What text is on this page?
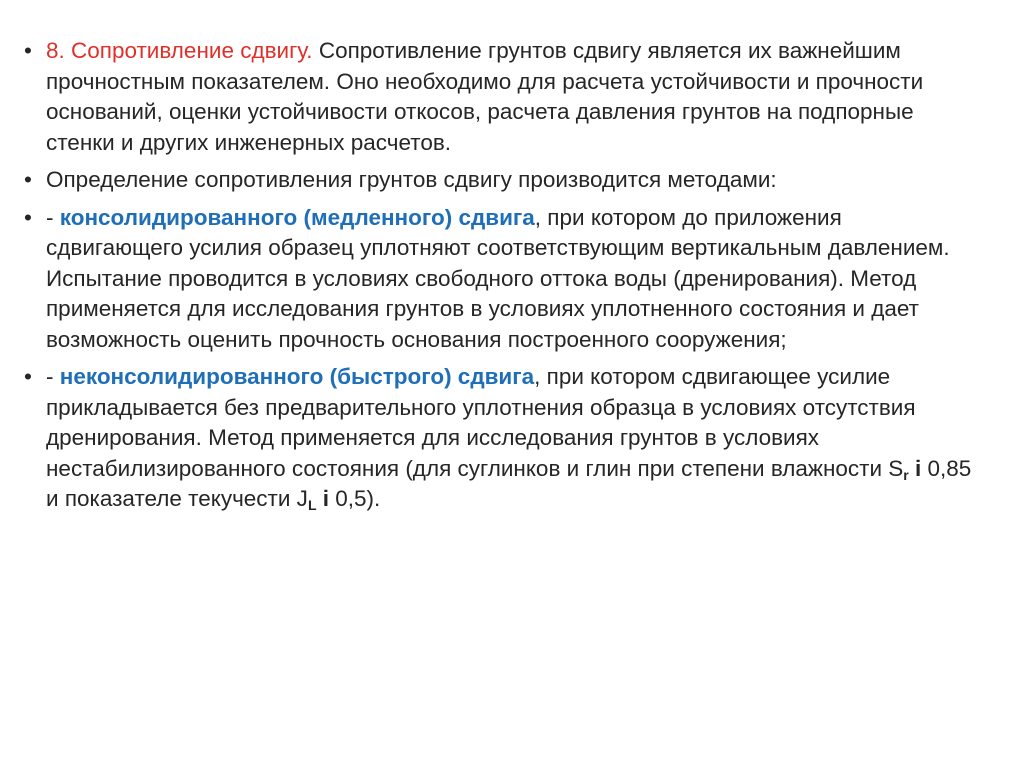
• 8. Сопротивление сдвигу. Сопротивление грунтов сдвигу является их важнейшим прочностным показателем. Оно необходимо для расчета устойчивости и прочности оснований, оценки устойчивости откосов, расчета давления грунтов на подпорные стенки и других инженерных расчетов.
• Определение сопротивления грунтов сдвигу производится методами:
• - консолидированного (медленного) сдвига, при котором до приложения сдвигающего усилия образец уплотняют соответствующим вертикальным давлением. Испытание проводится в условиях свободного оттока воды (дренирования). Метод применяется для исследования грунтов в условиях уплотненного состояния и дает возможность оценить прочность основания построенного сооружения;
• - неконсолидированного (быстрого) сдвига, при котором сдвигающее усилие прикладывается без предварительного уплотнения образца в условиях отсутствия дренирования. Метод применяется для исследования грунтов в условиях нестабилизированного состояния (для суглинков и глин при степени влажности $S_r$ і 0,85 и показателе текучести $J_L$ і 0,5).
